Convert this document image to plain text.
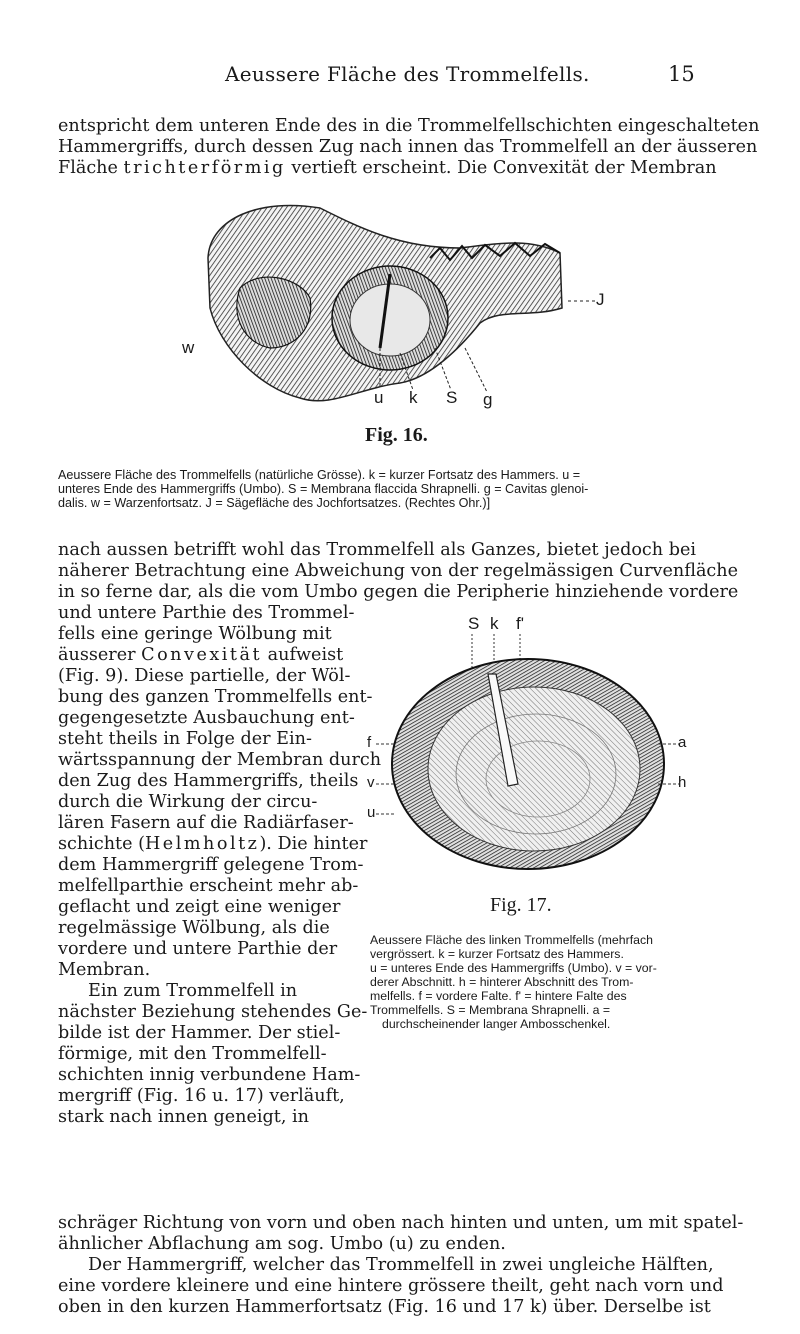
Aeussere Fläche des Trommelfells.	15

entspricht dem unteren Ende des in die Trommelfellschichten eingeschalteten
Hammergriffs, durch dessen Zug nach innen das Trommelfell an der äusseren
Fläche trichterförmig vertieft erscheint. Die Convexität der Membran

J
w
u k S g
Fig. 16.
Aeussere Fläche des Trommelfells (natürliche Grösse). k = kurzer Fortsatz des Hammers. u =
unteres Ende des Hammergriffs (Umbo). S = Membrana flaccida Shrapnelli. g = Cavitas glenoi-
dalis. w = Warzenfortsatz. J = Sägefläche des Jochfortsatzes. (Rechtes Ohr.)]

nach aussen betrifft wohl das Trommelfell als Ganzes, bietet jedoch bei
näherer Betrachtung eine Abweichung von der regelmässigen Curvenfläche
in so ferne dar, als die vom Umbo gegen die Peripherie hinziehende vordere

und untere Parthie des Trommel-
fells eine geringe Wölbung mit
äusserer Convexität aufweist
(Fig. 9). Diese partielle, der Wöl-
bung des ganzen Trommelfells ent-
gegengesetzte Ausbauchung ent-
steht theils in Folge der Ein-
wärtsspannung der Membran durch
den Zug des Hammergriffs, theils
durch die Wirkung der circu-
lären Fasern auf die Radiärfaser-
schichte (Helmholtz). Die hinter
dem Hammergriff gelegene Trom-
melfellparthie erscheint mehr ab-
geflacht und zeigt eine weniger
regelmässige Wölbung, als die
vordere und untere Parthie der
Membran.
Ein zum Trommelfell in
nächster Beziehung stehendes Ge-
bilde ist der Hammer. Der stiel-
förmige, mit den Trommelfell-
schichten innig verbundene Ham-
mergriff (Fig. 16 u. 17) verläuft,
stark nach innen geneigt, in
S k f'
f
v
u
a
h
Fig. 17.
Aeussere Fläche des linken Trommelfells (mehrfach
vergrössert. k = kurzer Fortsatz des Hammers.
u = unteres Ende des Hammergriffs (Umbo). v = vor-
derer Abschnitt. h = hinterer Abschnitt des Trom-
melfells. f = vordere Falte. f' = hintere Falte des
Trommelfells. S = Membrana Shrapnelli. a =
durchscheinender langer Ambosschenkel.

schräger Richtung von vorn und oben nach hinten und unten, um mit spatel-
ähnlicher Abflachung am sog. Umbo (u) zu enden.
Der Hammergriff, welcher das Trommelfell in zwei ungleiche Hälften,
eine vordere kleinere und eine hintere grössere theilt, geht nach vorn und
oben in den kurzen Hammerfortsatz (Fig. 16 und 17 k) über. Derselbe ist
